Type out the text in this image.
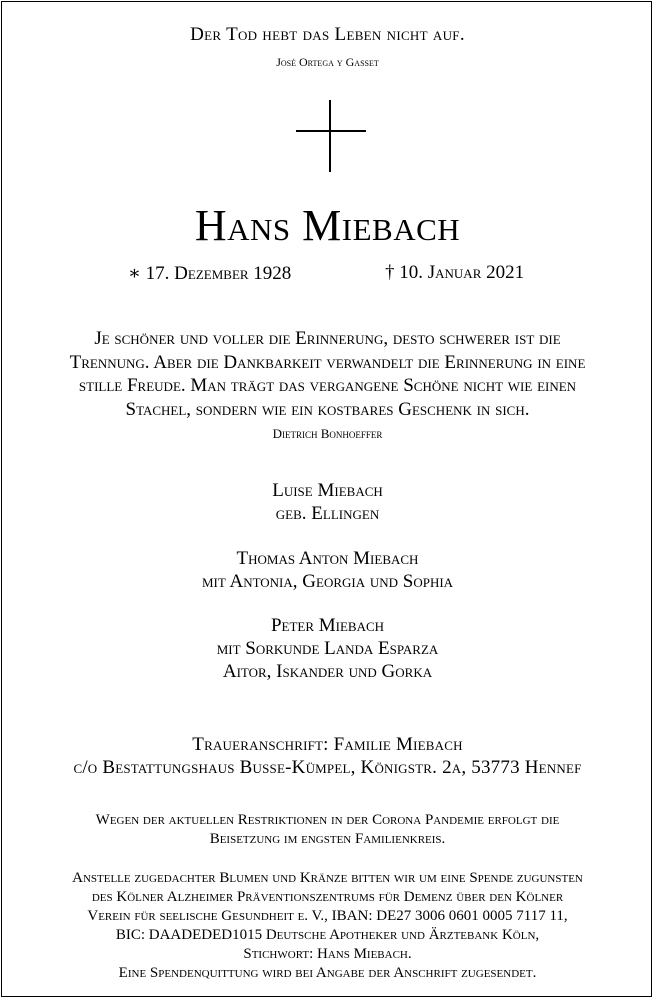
Der Tod hebt das Leben nicht auf.
José Ortega y Gasset
Hans Miebach
∗ 17. Dezember 1928	† 10. Januar 2021
Je schöner und voller die Erinnerung, desto schwerer ist die
Trennung. Aber die Dankbarkeit verwandelt die Erinnerung in eine
stille Freude. Man trägt das vergangene Schöne nicht wie einen
Stachel, sondern wie ein kostbares Geschenk in sich.
Dietrich Bonhoeffer
Luise Miebach
geb. Ellingen
Thomas Anton Miebach
mit Antonia, Georgia und Sophia
Peter Miebach
mit Sorkunde Landa Esparza
Aitor, Iskander und Gorka
Traueranschrift: Familie Miebach
c/o Bestattungshaus Busse-Kümpel, Königstr. 2a, 53773 Hennef
Wegen der aktuellen Restriktionen in der Corona Pandemie erfolgt die
Beisetzung im engsten Familienkreis.
Anstelle zugedachter Blumen und Kränze bitten wir um eine Spende zugunsten
des Kölner Alzheimer Präventionszentrums für Demenz über den Kölner
Verein für seelische Gesundheit e. V., IBAN: DE27 3006 0601 0005 7117 11,
BIC: DAADEDED1015 Deutsche Apotheker und Ärztebank Köln,
Stichwort: Hans Miebach.
Eine Spendenquittung wird bei Angabe der Anschrift zugesendet.
